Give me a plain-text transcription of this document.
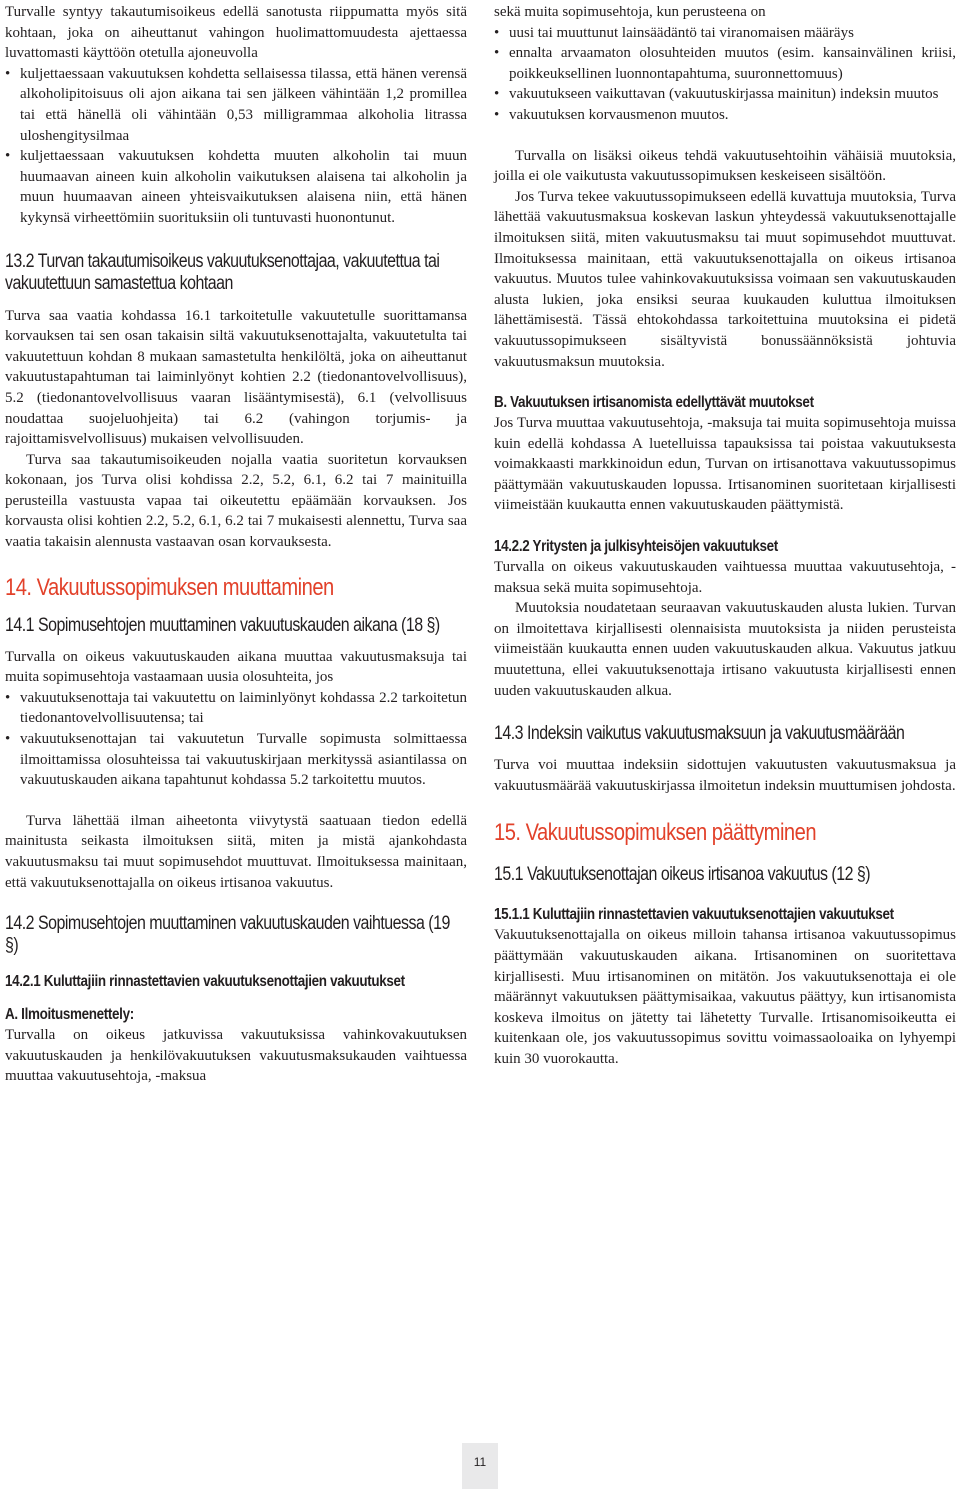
Turvalle syntyy takautumisoikeus edellä sanotusta riippumatta myös sitä kohtaan, joka on aiheuttanut vahingon huolimattomuudesta ajettaessa luvattomasti käyttöön otetulla ajoneuvolla

• kuljettaessaan vakuutuksen kohdetta sellaisessa tilassa, että hänen verensä alkoholipitoisuus oli ajon aikana tai sen jälkeen vähintään 1,2 promillea tai että hänellä oli vähintään 0,53 milligrammaa alkoholia litrassa uloshengitysilmaa
• kuljettaessaan vakuutuksen kohdetta muuten alkoholin tai muun huumaavan aineen kuin alkoholin vaikutuksen alaisena tai alkoholin ja muun huumaavan aineen yhteisvaikutuksen alaisena niin, että hänen kykynsä virheettömiin suorituksiin oli tuntuvasti huonontunut.
13.2 Turvan takautumisoikeus vakuutuksenottajaa, vakuutettua tai vakuutettuun samastettua kohtaan

Turva saa vaatia kohdassa 16.1 tarkoitetulle vakuutetulle suorittamansa korvauksen tai sen osan takaisin siltä vakuutuksenottajalta, vakuutetulta tai vakuutettuun kohdan 8 mukaan samastetulta henkilöltä, joka on aiheuttanut vakuutustapahtuman tai laiminlyönyt kohtien 2.2 (tiedonantovelvollisuus), 5.2 (tiedonantovelvollisuus vaaran lisääntymisestä), 6.1 (velvollisuus noudattaa suojeluohjeita) tai 6.2 (vahingon torjumis- ja rajoittamisvelvollisuus) mukaisen velvollisuuden.

Turva saa takautumisoikeuden nojalla vaatia suoritetun korvauksen kokonaan, jos Turva olisi kohdissa 2.2, 5.2, 6.1, 6.2 tai 7 mainituilla perusteilla vastuusta vapaa tai oikeutettu epäämään korvauksen. Jos korvausta olisi kohtien 2.2, 5.2, 6.1, 6.2 tai 7 mukaisesti alennettu, Turva saa vaatia takaisin alennusta vastaavan osan korvauksesta.

14. Vakuutussopimuksen muuttaminen
14.1 Sopimusehtojen muuttaminen vakuutuskauden aikana (18 §)

Turvalla on oikeus vakuutuskauden aikana muuttaa vakuutusmaksuja tai muita sopimusehtoja vastaamaan uusia olosuhteita, jos

• vakuutuksenottaja tai vakuutettu on laiminlyönyt kohdassa 2.2 tarkoitetun tiedonantovelvollisuutensa; tai
• vakuutuksenottajan tai vakuutetun Turvalle sopimusta solmittaessa ilmoittamissa olosuhteissa tai vakuutuskirjaan merkityssä asiantilassa on vakuutuskauden aikana tapahtunut kohdassa 5.2 tarkoitettu muutos.

Turva lähettää ilman aiheetonta viivytystä saatuaan tiedon edellä mainitusta seikasta ilmoituksen siitä, miten ja mistä ajankohdasta vakuutusmaksu tai muut sopimusehdot muuttuvat. Ilmoituksessa mainitaan, että vakuutuksenottajalla on oikeus irtisanoa vakuutus.

14.2 Sopimusehtojen muuttaminen vakuutuskauden vaihtuessa (19 §)
14.2.1 Kuluttajiin rinnastettavien vakuutuksenottajien vakuutukset
A. Ilmoitusmenettely:

Turvalla on oikeus jatkuvissa vakuutuksissa vahinkovakuutuksen vakuutuskauden ja henkilövakuutuksen vakuutusmaksukauden vaihtuessa muuttaa vakuutusehtoja, -maksua

sekä muita sopimusehtoja, kun perusteena on

• uusi tai muuttunut lainsäädäntö tai viranomaisen määräys
• ennalta arvaamaton olosuhteiden muutos (esim. kansainvälinen kriisi, poikkeuksellinen luonnontapahtuma, suuronnettomuus)
• vakuutukseen vaikuttavan (vakuutuskirjassa mainitun) indeksin muutos
• vakuutuksen korvausmenon muutos.

Turvalla on lisäksi oikeus tehdä vakuutusehtoihin vähäisiä muutoksia, joilla ei ole vaikutusta vakuutussopimuksen keskeiseen sisältöön.

Jos Turva tekee vakuutussopimukseen edellä kuvattuja muutoksia, Turva lähettää vakuutusmaksua koskevan laskun yhteydessä vakuutuksenottajalle ilmoituksen siitä, miten vakuutusmaksu tai muut sopimusehdot muuttuvat. Ilmoituksessa mainitaan, että vakuutuksenottajalla on oikeus irtisanoa vakuutus. Muutos tulee vahinkovakuutuksissa voimaan sen vakuutuskauden alusta lukien, joka ensiksi seuraa kuukauden kuluttua ilmoituksen lähettämisestä. Tässä ehtokohdassa tarkoitettuina muutoksina ei pidetä vakuutussopimukseen sisältyvistä bonussäännöksistä johtuvia vakuutusmaksun muutoksia.

B. Vakuutuksen irtisanomista edellyttävät muutokset

Jos Turva muuttaa vakuutusehtoja, -maksuja tai muita sopimusehtoja muissa kuin edellä kohdassa A luetelluissa tapauksissa tai poistaa vakuutuksesta voimakkaasti markkinoidun edun, Turvan on irtisanottava vakuutussopimus päättymään vakuutuskauden lopussa. Irtisanominen suoritetaan kirjallisesti viimeistään kuukautta ennen vakuutuskauden päättymistä.

14.2.2 Yritysten ja julkisyhteisöjen vakuutukset

Turvalla on oikeus vakuutuskauden vaihtuessa muuttaa vakuutusehtoja, -maksua sekä muita sopimusehtoja.

Muutoksia noudatetaan seuraavan vakuutuskauden alusta lukien. Turvan on ilmoitettava kirjallisesti olennaisista muutoksista ja niiden perusteista viimeistään kuukautta ennen uuden vakuutuskauden alkua. Vakuutus jatkuu muutettuna, ellei vakuutuksenottaja irtisano vakuutusta kirjallisesti ennen uuden vakuutuskauden alkua.

14.3 Indeksin vaikutus vakuutusmaksuun ja vakuutusmäärään

Turva voi muuttaa indeksiin sidottujen vakuutusten vakuutusmaksua ja vakuutusmäärää vakuutuskirjassa ilmoitetun indeksin muuttumisen johdosta.

15. Vakuutussopimuksen päättyminen
15.1 Vakuutuksenottajan oikeus irtisanoa vakuutus (12 §)
15.1.1 Kuluttajiin rinnastettavien vakuutuksenottajien vakuutukset

Vakuutuksenottajalla on oikeus milloin tahansa irtisanoa vakuutussopimus päättymään vakuutuskauden aikana. Irtisanominen on suoritettava kirjallisesti. Muu irtisanominen on mitätön. Jos vakuutuksenottaja ei ole määrännyt vakuutuksen päättymisaikaa, vakuutus päättyy, kun irtisanomista koskeva ilmoitus on jätetty tai lähetetty Turvalle. Irtisanomisoikeutta ei kuitenkaan ole, jos vakuutussopimus sovittu voimassaoloaika on lyhyempi kuin 30 vuorokautta.

11
